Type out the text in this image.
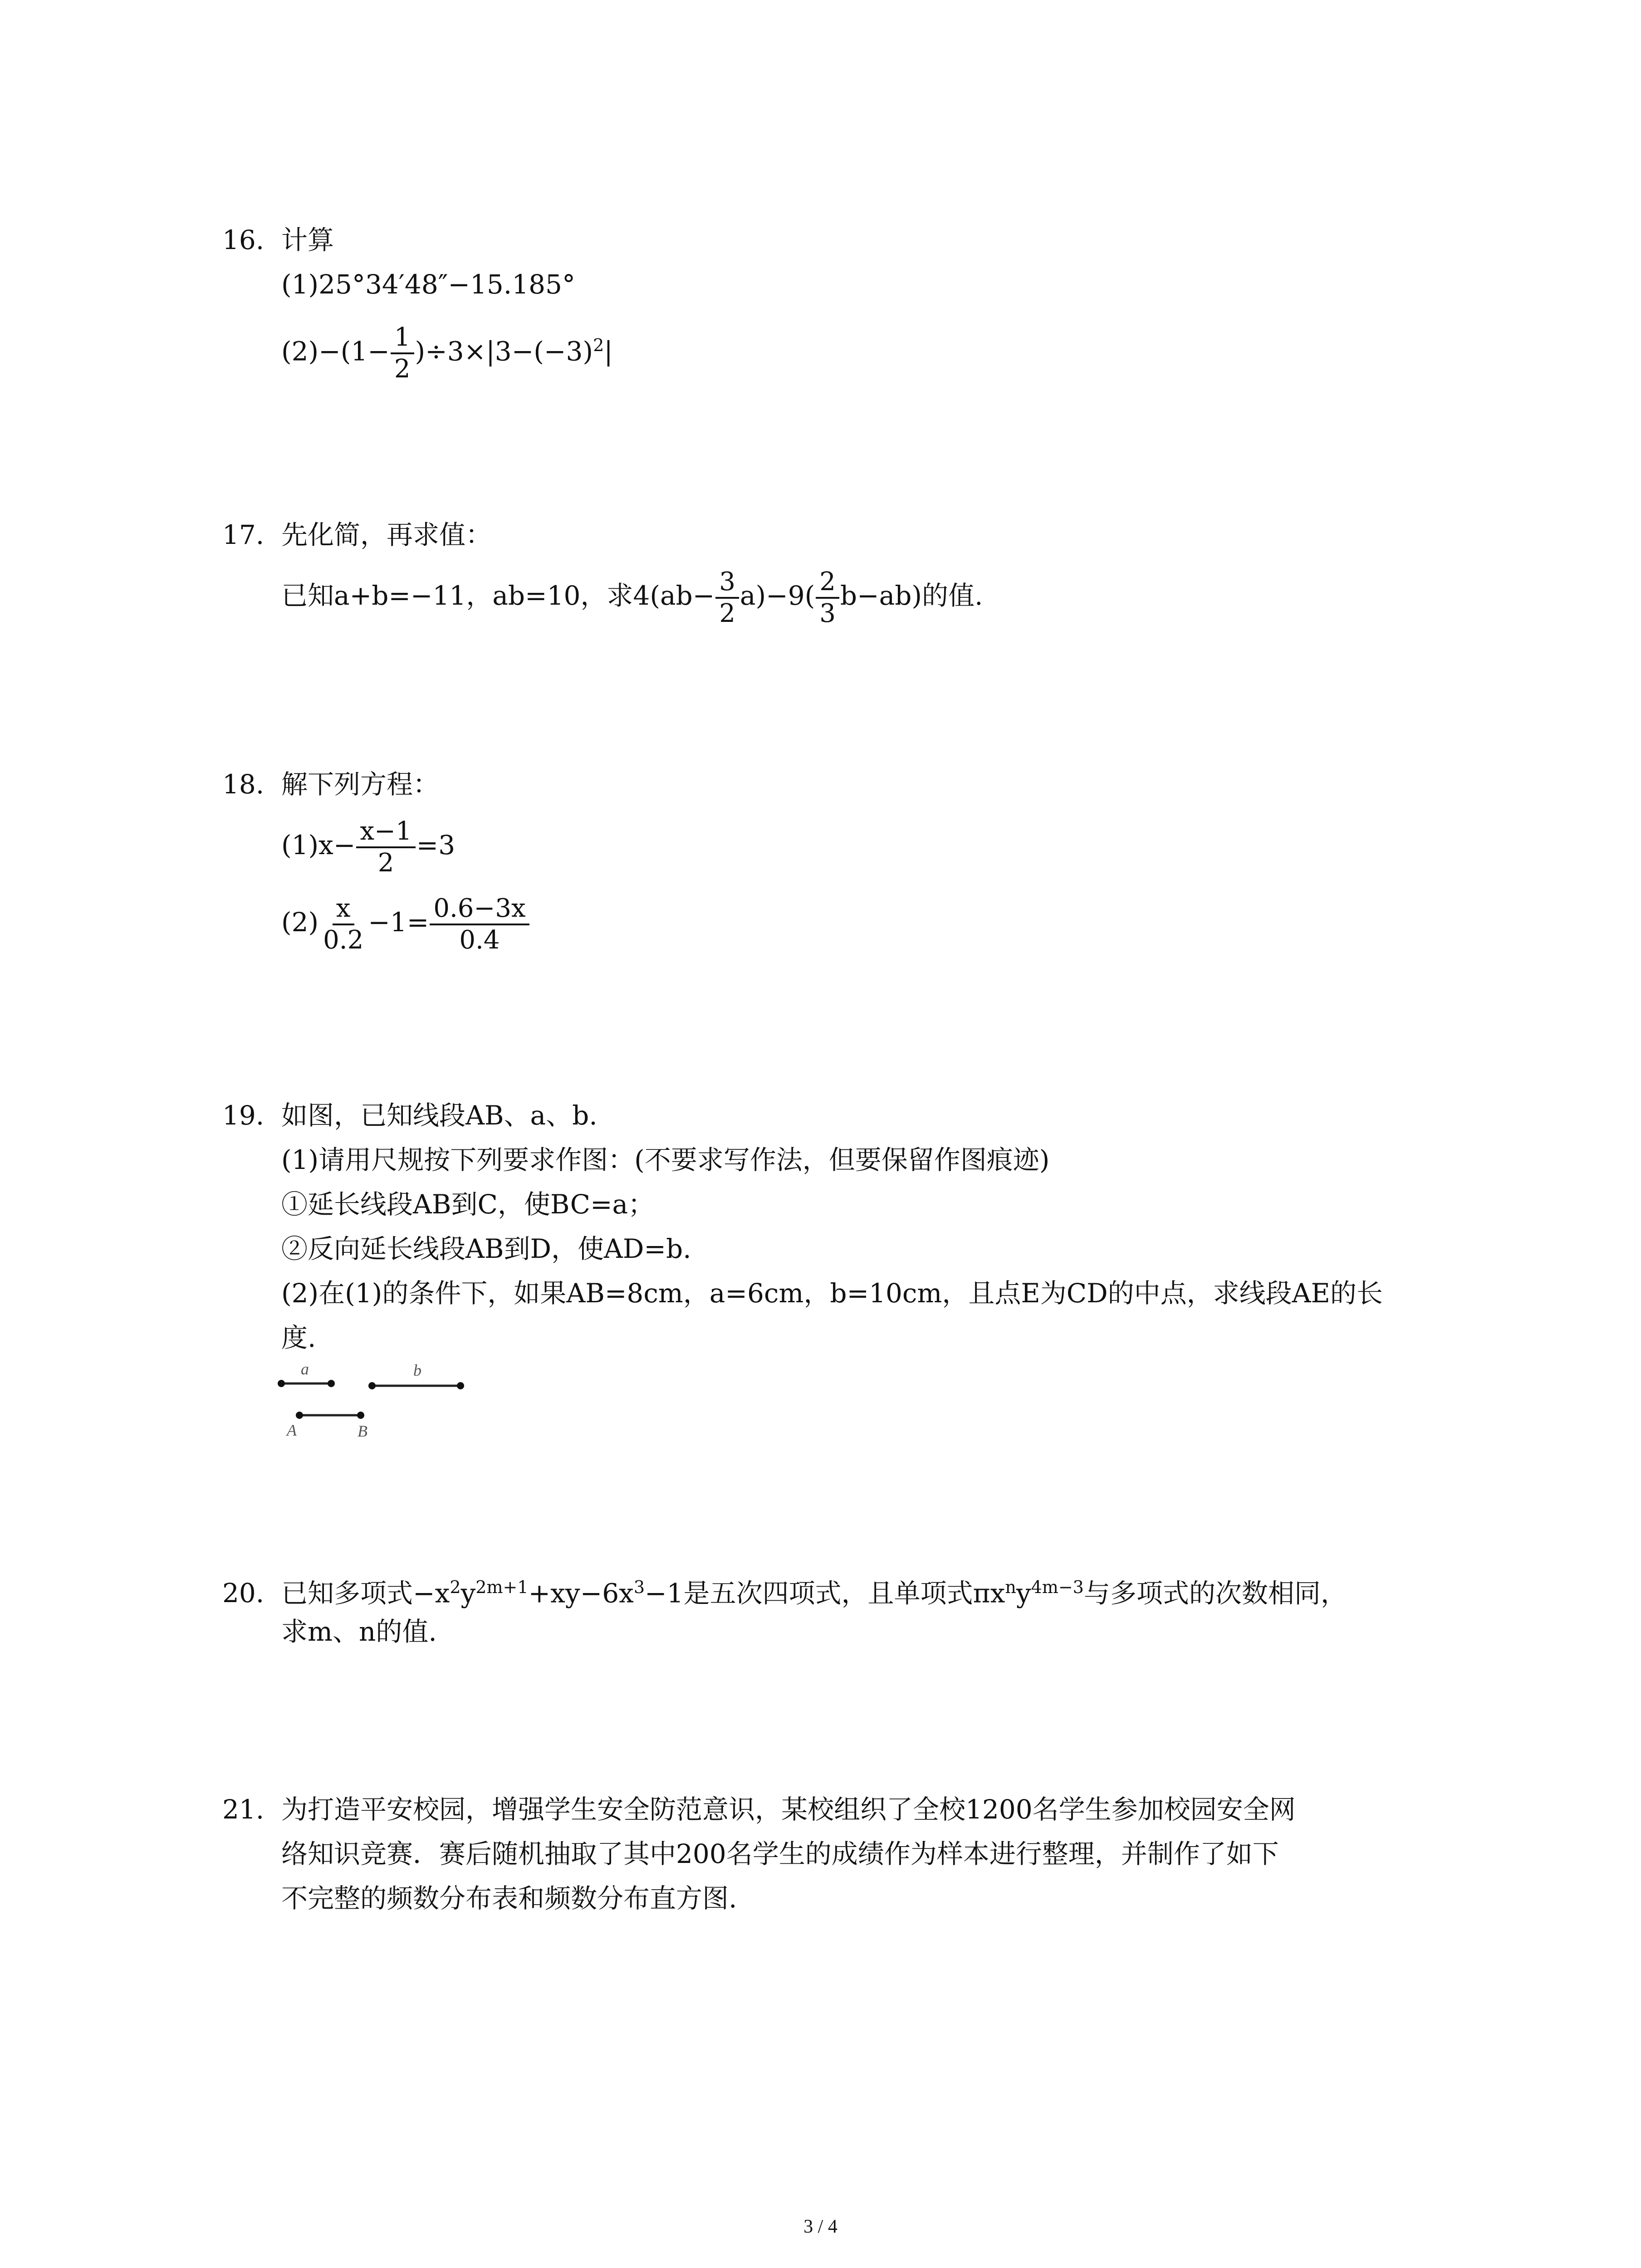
16. 计算
(1)25°34′48″−15.185°
$(2)-(1- \frac{1}{2} )\div 3\times|3-(-3)^2|$
17. 先化简，再求值：
已知a+b=−11，ab=10，求$4(ab- \frac{3}{2} a)-9( \frac{2}{3} b-ab)$的值.
18. 解下列方程：
$(1)x- \frac{x-1}{2} =3$
$(2) \frac{x}{0.2} -1= \frac{0.6-3x}{0.4}$
19. 如图，已知线段AB、a、b.
(1)请用尺规按下列要求作图：(不要求写作法，但要保留作图痕迹)
①延长线段AB到C，使BC=a；
②反向延长线段AB到D，使AD=b.
(2)在(1)的条件下，如果AB=8cm，a=6cm，b=10cm，且点E为CD的中点，求线段AE的长
度.
a	b
A	B
20. 已知多项式$-x^2y^{2m+1}+xy-6x^3-1$是五次四项式，且单项式$\pi x^ny^{4m-3}$与多项式的次数相同，
求m、n的值.
21. 为打造平安校园，增强学生安全防范意识，某校组织了全校1200名学生参加校园安全网
络知识竞赛．赛后随机抽取了其中200名学生的成绩作为样本进行整理，并制作了如下
不完整的频数分布表和频数分布直方图.
3 / 4
